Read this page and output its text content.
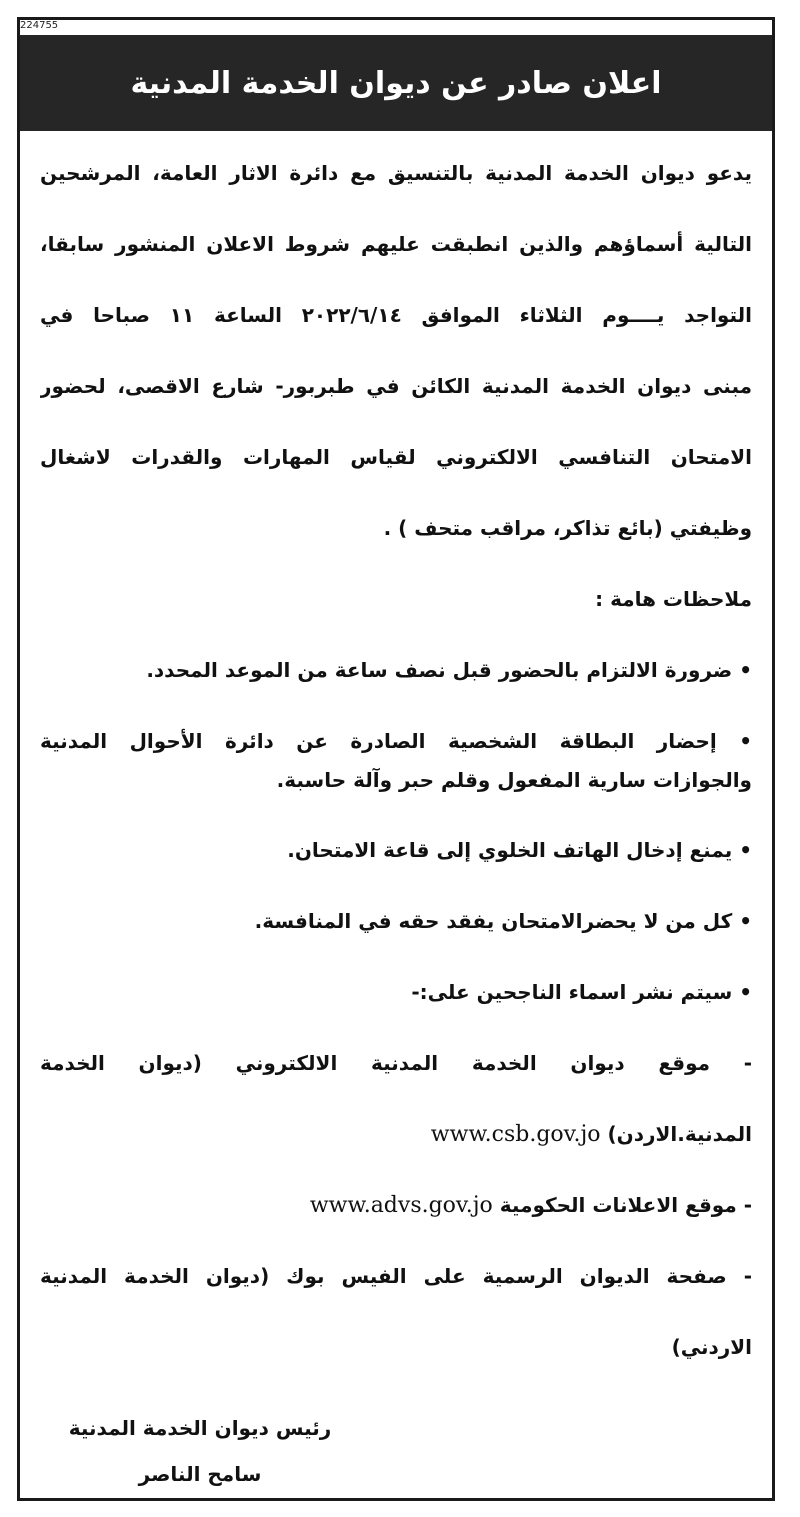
224755
اعلان صادر عن ديوان الخدمة المدنية
يدعو ديوان الخدمة المدنية بالتنسيق مع دائرة الاثار العامة، المرشحين
التالية أسماؤهم والذين انطبقت عليهم شروط الاعلان المنشور سابقا،
التواجد يــــوم الثلاثاء الموافق ٢٠٢٢/٦/١٤ الساعة ١١ صباحا في
مبنى ديوان الخدمة المدنية الكائن في طبربور- شارع الاقصى، لحضور
الامتحان التنافسي الالكتروني لقياس المهارات والقدرات لاشغال
وظيفتي (بائع تذاكر، مراقب متحف ) .
ملاحظات هامة :
• ضرورة الالتزام بالحضور قبل نصف ساعة من الموعد المحدد.
• إحضار البطاقة الشخصية الصادرة عن دائرة الأحوال المدنية
والجوازات سارية المفعول وقلم حبر وآلة حاسبة.
• يمنع إدخال الهاتف الخلوي إلى قاعة الامتحان.
• كل من لا يحضرالامتحان يفقد حقه في المنافسة.
• سيتم نشر اسماء الناجحين على:-
- موقع ديوان الخدمة المدنية الالكتروني (ديوان الخدمة
المدنية.الاردن) www.csb.gov.jo
- موقع الاعلانات الحكومية www.advs.gov.jo
- صفحة الديوان الرسمية على الفيس بوك (ديوان الخدمة المدنية
الاردني)
رئيس ديوان الخدمة المدنية
سامح الناصر
